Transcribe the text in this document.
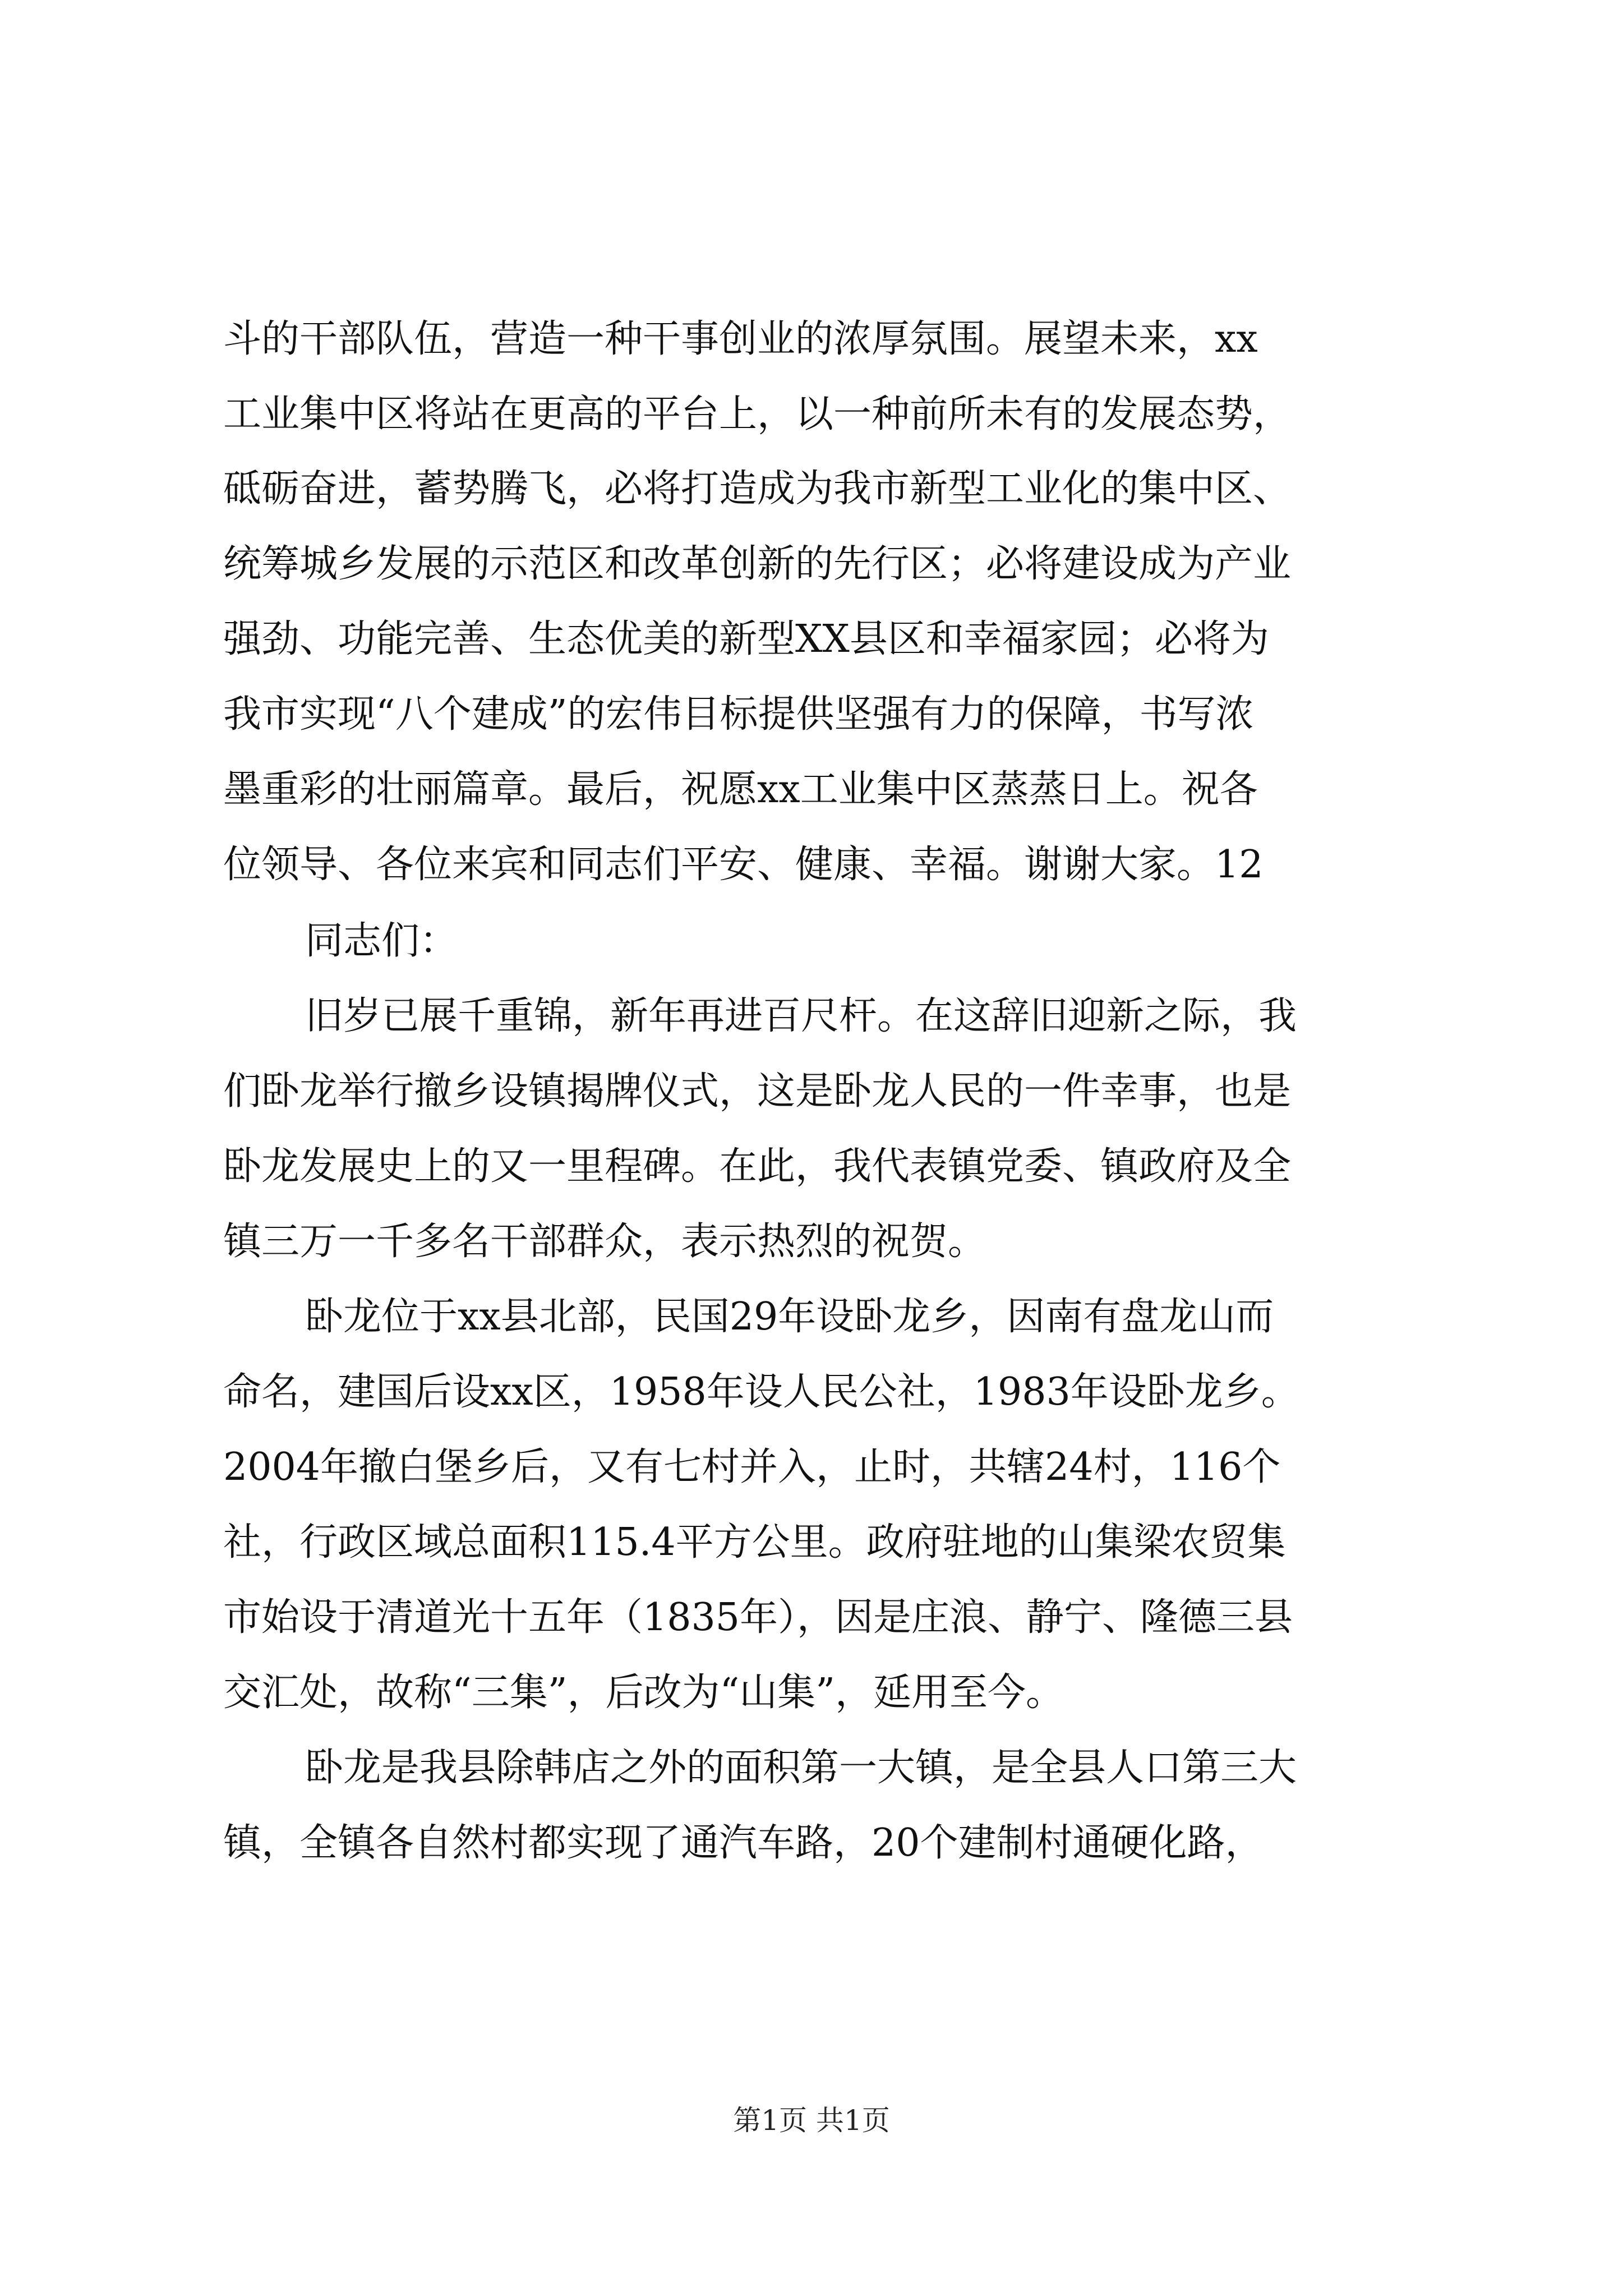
斗的干部队伍，营造一种干事创业的浓厚氛围。展望未来，xx
工业集中区将站在更高的平台上，以一种前所未有的发展态势，
砥砺奋进，蓄势腾飞，必将打造成为我市新型工业化的集中区、
统筹城乡发展的示范区和改革创新的先行区；必将建设成为产业
强劲、功能完善、生态优美的新型XX县区和幸福家园；必将为
我市实现“八个建成”的宏伟目标提供坚强有力的保障，书写浓
墨重彩的壮丽篇章。最后，祝愿xx工业集中区蒸蒸日上。祝各
位领导、各位来宾和同志们平安、健康、幸福。谢谢大家。12
同志们：
旧岁已展千重锦，新年再进百尺杆。在这辞旧迎新之际，我
们卧龙举行撤乡设镇揭牌仪式，这是卧龙人民的一件幸事，也是
卧龙发展史上的又一里程碑。在此，我代表镇党委、镇政府及全
镇三万一千多名干部群众，表示热烈的祝贺。
卧龙位于xx县北部，民国29年设卧龙乡，因南有盘龙山而
命名，建国后设xx区，1958年设人民公社，1983年设卧龙乡。
2004年撤白堡乡后，又有七村并入，止时，共辖24村，116个
社，行政区域总面积115.4平方公里。政府驻地的山集梁农贸集
市始设于清道光十五年（1835年），因是庄浪、静宁、隆德三县
交汇处，故称“三集”，后改为“山集”，延用至今。
卧龙是我县除韩店之外的面积第一大镇，是全县人口第三大
镇，全镇各自然村都实现了通汽车路，20个建制村通硬化路，
第1页 共1页
